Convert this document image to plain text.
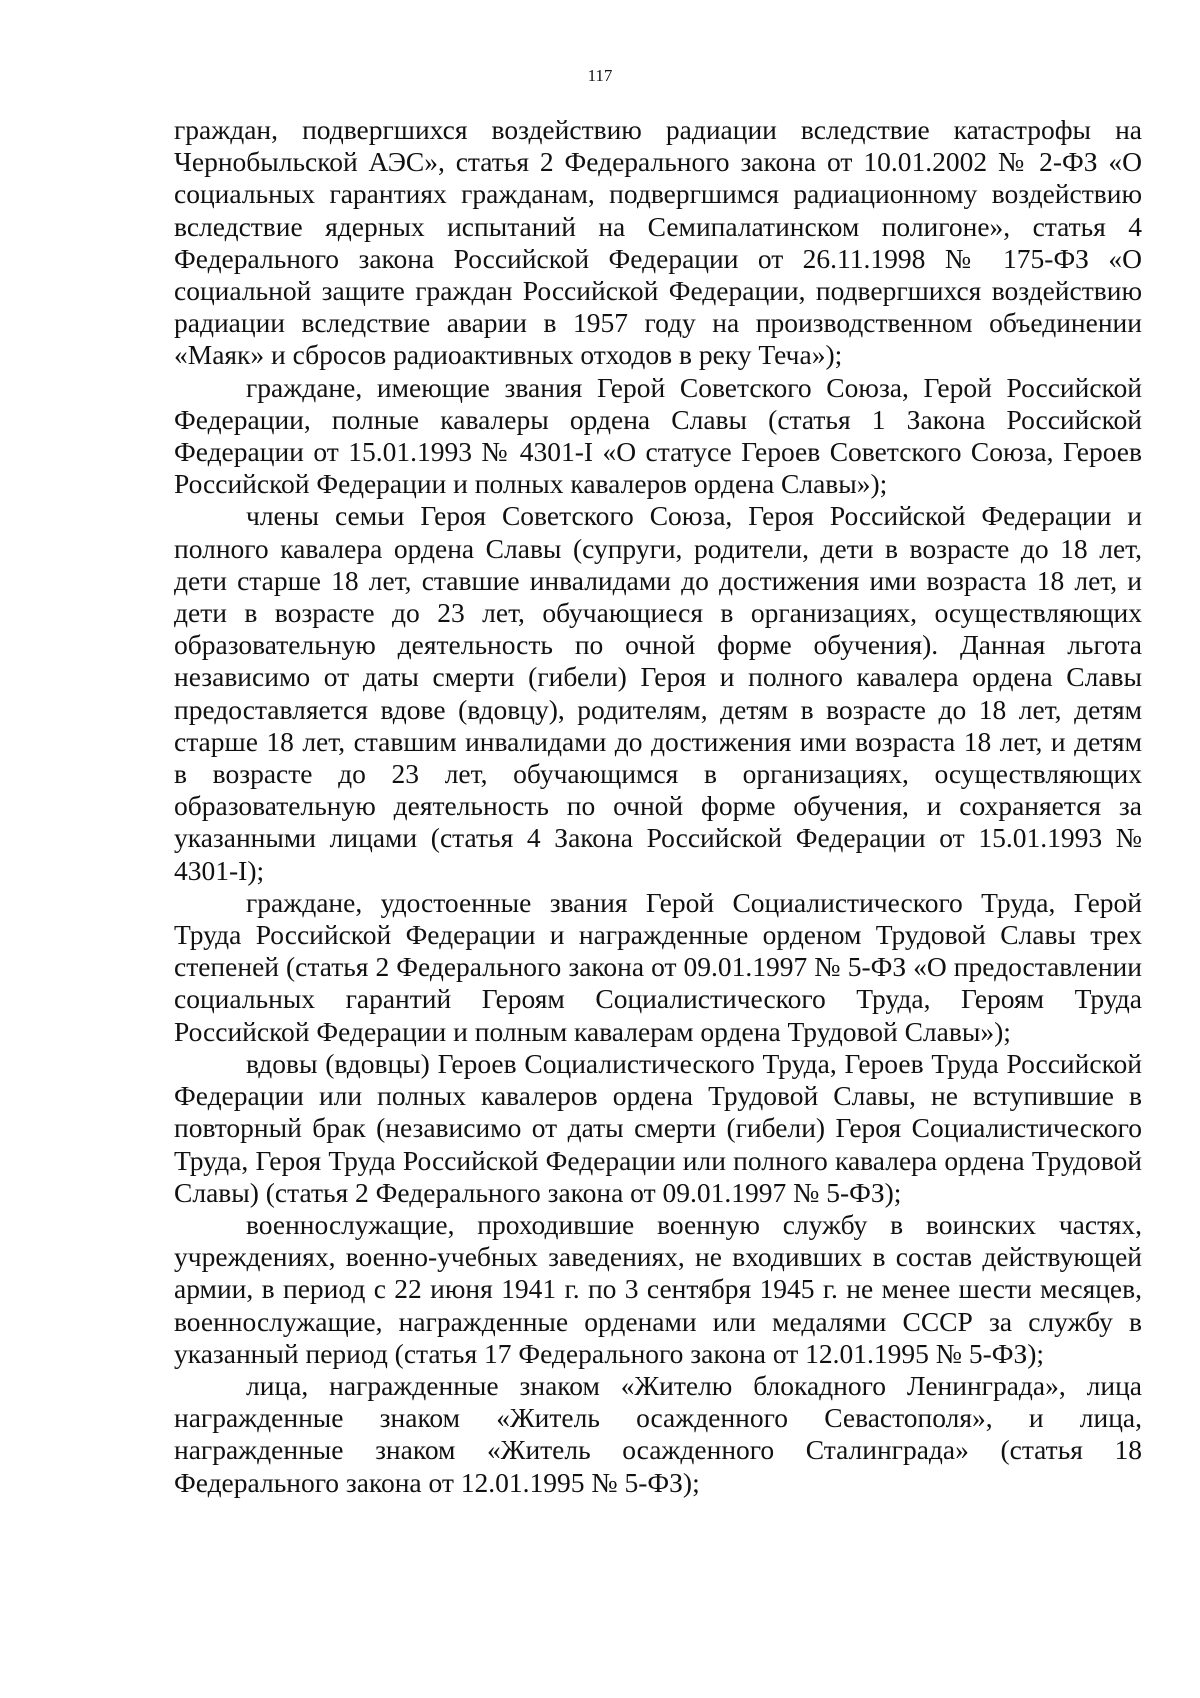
117

граждан, подвергшихся воздействию радиации вследствие катастрофы на Чернобыльской АЭС», статья 2 Федерального закона от 10.01.2002 № 2-ФЗ «О социальных гарантиях гражданам, подвергшимся радиационному воздействию вследствие ядерных испытаний на Семипалатинском полигоне», статья 4 Федерального закона Российской Федерации от 26.11.1998 № 175-ФЗ «О социальной защите граждан Российской Федерации, подвергшихся воздействию радиации вследствие аварии в 1957 году на производственном объединении «Маяк» и сбросов радиоактивных отходов в реку Теча»);

граждане, имеющие звания Герой Советского Союза, Герой Российской Федерации, полные кавалеры ордена Славы (статья 1 Закона Российской Федерации от 15.01.1993 № 4301-I «О статусе Героев Советского Союза, Героев Российской Федерации и полных кавалеров ордена Славы»);

члены семьи Героя Советского Союза, Героя Российской Федерации и полного кавалера ордена Славы (супруги, родители, дети в возрасте до 18 лет, дети старше 18 лет, ставшие инвалидами до достижения ими возраста 18 лет, и дети в возрасте до 23 лет, обучающиеся в организациях, осуществляющих образовательную деятельность по очной форме обучения). Данная льгота независимо от даты смерти (гибели) Героя и полного кавалера ордена Славы предоставляется вдове (вдовцу), родителям, детям в возрасте до 18 лет, детям старше 18 лет, ставшим инвалидами до достижения ими возраста 18 лет, и детям в возрасте до 23 лет, обучающимся в организациях, осуществляющих образовательную деятельность по очной форме обучения, и сохраняется за указанными лицами (статья 4 Закона Российской Федерации от 15.01.1993 № 4301-I);

граждане, удостоенные звания Герой Социалистического Труда, Герой Труда Российской Федерации и награжденные орденом Трудовой Славы трех степеней (статья 2 Федерального закона от 09.01.1997 № 5-ФЗ «О предоставлении социальных гарантий Героям Социалистического Труда, Героям Труда Российской Федерации и полным кавалерам ордена Трудовой Славы»);

вдовы (вдовцы) Героев Социалистического Труда, Героев Труда Российской Федерации или полных кавалеров ордена Трудовой Славы, не вступившие в повторный брак (независимо от даты смерти (гибели) Героя Социалистического Труда, Героя Труда Российской Федерации или полного кавалера ордена Трудовой Славы) (статья 2 Федерального закона от 09.01.1997 № 5-ФЗ);

военнослужащие, проходившие военную службу в воинских частях, учреждениях, военно-учебных заведениях, не входивших в состав действующей армии, в период с 22 июня 1941 г. по 3 сентября 1945 г. не менее шести месяцев, военнослужащие, награжденные орденами или медалями СССР за службу в указанный период (статья 17 Федерального закона от 12.01.1995 № 5-ФЗ);

лица, награжденные знаком «Жителю блокадного Ленинграда», лица награжденные знаком «Житель осажденного Севастополя», и лица, награжденные знаком «Житель осажденного Сталинграда» (статья 18 Федерального закона от 12.01.1995 № 5-ФЗ);
